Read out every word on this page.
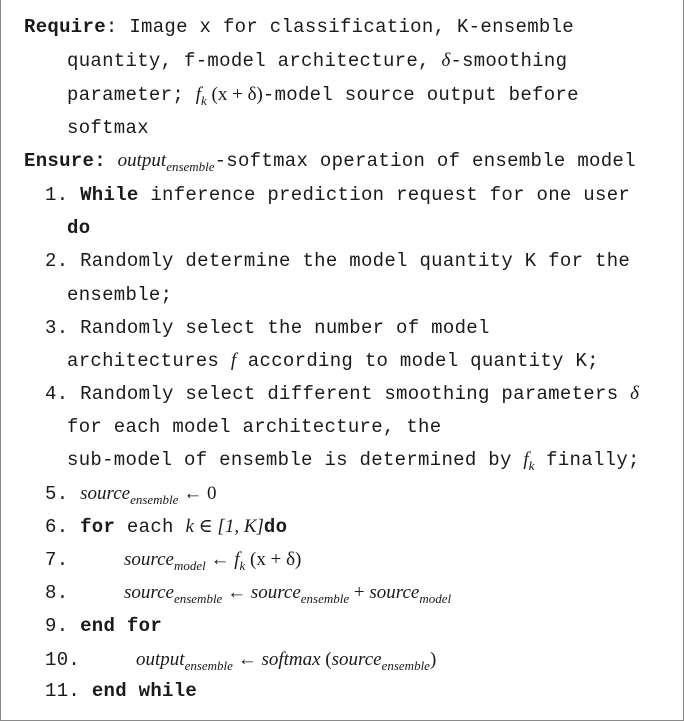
Require: Image x for classification, K-ensemble
quantity, f-model architecture, δ-smoothing
parameter; $f_k$ (x + δ)-model source output before
softmax
Ensure: output$_{ensemble}$-softmax operation of ensemble model
1. While inference prediction request for one user
do
2. Randomly determine the model quantity K for the
ensemble;
3. Randomly select the number of model
architectures f according to model quantity K;
4. Randomly select different smoothing parameters δ
for each model architecture, the
sub-model of ensemble is determined by $f_k$ finally;
5. source$_{ensemble}$ ← 0
6. for each k ∈ [1, K]do
7.	source$_{model}$ ← $f_k$ (x + δ)
8.	source$_{ensemble}$ ← source$_{ensemble}$ + source$_{model}$
9. end for
10.	output$_{ensemble}$ ← softmax (source$_{ensemble}$)
11. end while
